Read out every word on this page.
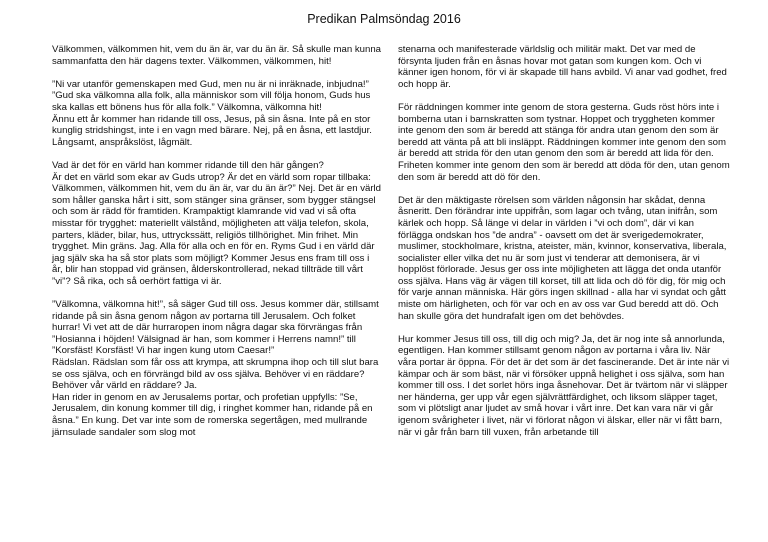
Predikan Palmsöndag 2016

Välkommen, välkommen hit, vem du än är, var du än är. Så skulle man kunna sammanfatta den här dagens texter. Välkommen, välkommen, hit!

”Ni var utanför gemenskapen med Gud, men nu är ni inräknade, inbjudna!” ”Gud ska välkomna alla folk, alla människor som vill följa honom, Guds hus ska kallas ett bönens hus för alla folk.” Välkomna, välkomna hit!
Ännu ett år kommer han ridande till oss, Jesus, på sin åsna. Inte på en stor kunglig stridshingst, inte i en vagn med bärare. Nej, på en åsna, ett lastdjur. Långsamt, anspråkslöst, lågmält.

Vad är det för en värld han kommer ridande till den här gången?
Är det en värld som ekar av Guds utrop? Är det en värld som ropar tillbaka: Välkommen, välkommen hit, vem du än är, var du än är?” Nej. Det är en värld som håller ganska hårt i sitt, som stänger sina gränser, som bygger stängsel och som är rädd för framtiden. Krampaktigt klamrande vid vad vi så ofta misstar för trygghet: materiellt välstånd, möjligheten att välja telefon, skola, parters, kläder, bilar, hus, uttryckssätt, religiös tillhörighet. Min frihet. Min trygghet. Min gräns. Jag. Alla för alla och en för en. Ryms Gud i en värld där jag själv ska ha så stor plats som möjligt? Kommer Jesus ens fram till oss i år, blir han stoppad vid gränsen, ålderskontrollerad, nekad tillträde till vårt ”vi”? Så rika, och så oerhört fattiga vi är.

”Välkomna, välkomna hit!”, så säger Gud till oss. Jesus kommer där, stillsamt ridande på sin åsna genom någon av portarna till Jerusalem. Och folket hurrar! Vi vet att de där hurraropen inom några dagar ska förvrängas från ”Hosianna i höjden! Välsignad är han, som kommer i Herrens namn!” till ”Korsfäst! Korsfäst! Vi har ingen kung utom Caesar!”
Rädslan. Rädslan som får oss att krympa, att skrumpna ihop och till slut bara se oss själva, och en förvrängd bild av oss själva. Behöver vi en räddare? Behöver vår värld en räddare? Ja.
Han rider in genom en av Jerusalems portar, och profetian uppfylls: ”Se, Jerusalem, din konung kommer till dig, i ringhet kommer han, ridande på en åsna.” En kung. Det var inte som de romerska segertågen, med mullrande järnsulade sandaler som slog mot

stenarna och manifesterade världslig och militär makt. Det var med de försynta ljuden från en åsnas hovar mot gatan som kungen kom. Och vi känner igen honom, för vi är skapade till hans avbild. Vi anar vad godhet, fred och hopp är.

För räddningen kommer inte genom de stora gesterna. Guds röst hörs inte i bomberna utan i barnskratten som tystnar. Hoppet och tryggheten kommer inte genom den som är beredd att stänga för andra utan genom den som är beredd att vänta på att bli insläppt. Räddningen kommer inte genom den som är beredd att strida för den utan genom den som är beredd att lida för den. Friheten kommer inte genom den som är beredd att döda för den, utan genom den som är beredd att dö för den.

Det är den mäktigaste rörelsen som världen någonsin har skådat, denna åsneritt. Den förändrar inte uppifrån, som lagar och tvång, utan inifrån, som kärlek och hopp. Så länge vi delar in världen i ”vi och dom”, där vi kan förlägga ondskan hos ”de andra” - oavsett om det är sverigedemokrater, muslimer, stockholmare, kristna, ateister, män, kvinnor, konservativa, liberala, socialister eller vilka det nu är som just vi tenderar att demonisera, är vi hopplöst förlorade. Jesus ger oss inte möjligheten att lägga det onda utanför oss själva. Hans väg är vägen till korset, till att lida och dö för dig, för mig och för varje annan människa. Här görs ingen skillnad - alla har vi syndat och gått miste om härligheten, och för var och en av oss var Gud beredd att dö. Och han skulle göra det hundrafalt igen om det behövdes.

Hur kommer Jesus till oss, till dig och mig? Ja, det är nog inte så annorlunda, egentligen. Han kommer stillsamt genom någon av portarna i våra liv. När våra portar är öppna. För det är det som är det fascinerande. Det är inte när vi kämpar och är som bäst, när vi försöker uppnå helighet i oss själva, som han kommer till oss. I det sorlet hörs inga åsnehovar. Det är tvärtom när vi släpper ner händerna, ger upp vår egen självrättfärdighet, och liksom släpper taget, som vi plötsligt anar ljudet av små hovar i vårt inre. Det kan vara när vi går igenom svårigheter i livet, när vi förlorat någon vi älskar, eller när vi fått barn, när vi går från barn till vuxen, från arbetande till
